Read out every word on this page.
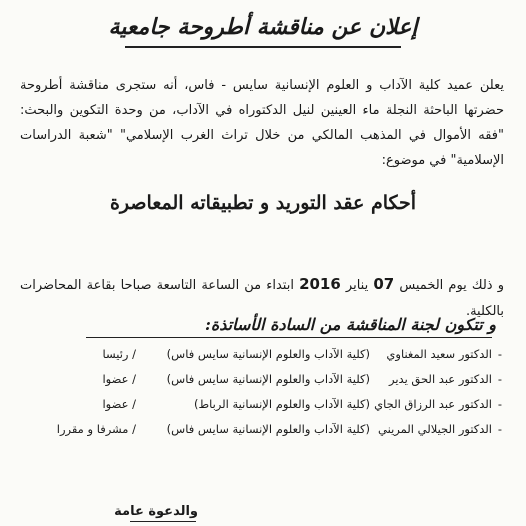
إعلان عن مناقشة أطروحة جامعية

يعلن عميد كلية الآداب و العلوم الإنسانية سايس - فاس، أنه ستجرى مناقشة أطروحة حضرتها الباحثة النجلة ماء العينين لنيل الدكتوراه في الآداب، من وحدة التكوين والبحث: "فقه الأموال في المذهب المالكي من خلال تراث الغرب الإسلامي" "شعبة الدراسات الإسلامية" في موضوع:

أحكام عقد التوريد و تطبيقاته المعاصرة

و ذلك يوم الخميس 07 يناير 2016 ابتداء من الساعة التاسعة صباحا بقاعة المحاضرات بالكلية.

و تتكون لجنة المناقشة من السادة الأساتذة:
-
الدكتور سعيد المغناوي
(كلية الآداب والعلوم الإنسانية سايس فاس)
/ رئيسا
-
الدكتور عبد الحق يدير
(كلية الآداب والعلوم الإنسانية سايس فاس)
/ عضوا
-
الدكتور عبد الرزاق الجاي
(كلية الآداب والعلوم الإنسانية الرباط)
/ عضوا
-
الدكتور الجيلالي المريني
(كلية الآداب والعلوم الإنسانية سايس فاس)
/ مشرفا و مقررا
والدعوة عامة
